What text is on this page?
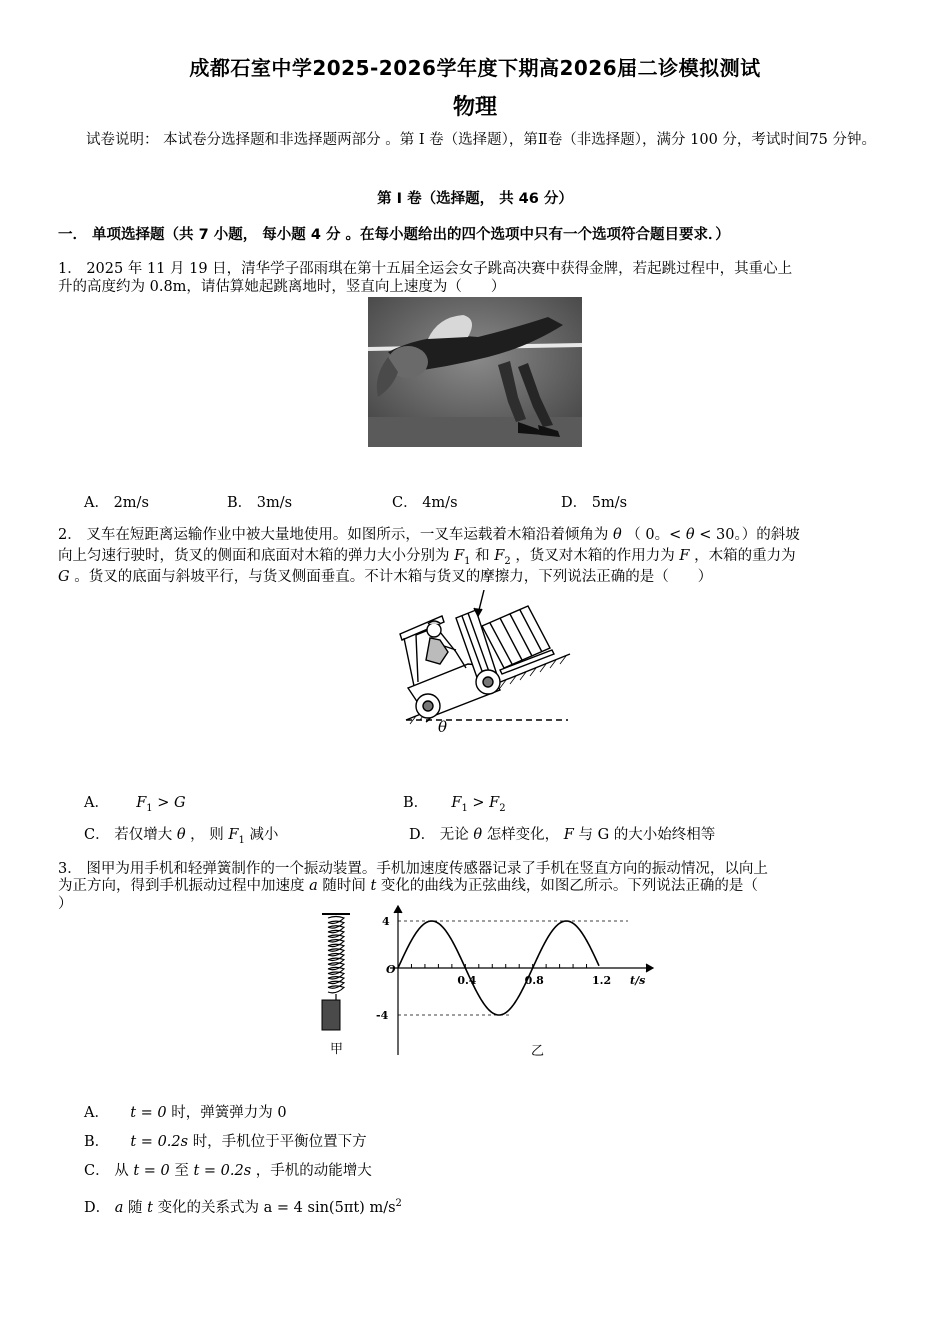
成都石室中学2025-2026学年度下期高2026届二诊模拟测试
物理
试卷说明： 本试卷分选择题和非选择题两部分 。第 I 卷（选择题），第Ⅱ卷（非选择题），满分 100 分，考试时间75 分钟。
第 I 卷（选择题， 共 46 分）
一． 单项选择题（共 7 小题， 每小题 4 分 。在每小题给出的四个选项中只有一个选项符合题目要求．）
1． 2025 年 11 月 19 日，清华学子邵雨琪在第十五届全运会女子跳高决赛中获得金牌，若起跳过程中，其重心上
升的高度约为 0.8m，请估算她起跳离地时，竖直向上速度为（　　）
A． 2m/s	B． 3m/s	C． 4m/s	D． 5m/s
2． 叉车在短距离运输作业中被大量地使用。如图所示，一叉车运载着木箱沿着倾角为 θ （ 0。< θ < 30。）的斜坡
向上匀速行驶时，货叉的侧面和底面对木箱的弹力大小分别为 $F_1$ 和 $F_2$ ，货叉对木箱的作用力为 F ，木箱的重力为
G 。货叉的底面与斜坡平行，与货叉侧面垂直。不计木箱与货叉的摩擦力，下列说法正确的是（　　）
θ
A． $F_1 > G$	B． $F_1 > F_2$
C． 若仅增大 θ ， 则 $F_1$ 减小	D． 无论 θ 怎样变化， F 与 G 的大小始终相等
3． 图甲为用手机和轻弹簧制作的一个振动装置。手机加速度传感器记录了手机在竖直方向的振动情况，以向上
为正方向，得到手机振动过程中加速度 a 随时间 t 变化的曲线为正弦曲线，如图乙所示。下列说法正确的是（
）
甲
4
-4
O
0.4	0.8	1.2 t/s
乙
A． t = 0 时，弹簧弹力为 0
B． t = 0.2s 时，手机位于平衡位置下方
C． 从 t = 0 至 t = 0.2s ，手机的动能增大
D． a 随 t 变化的关系式为 a = 4 sin(5πt) $m/s^2$
